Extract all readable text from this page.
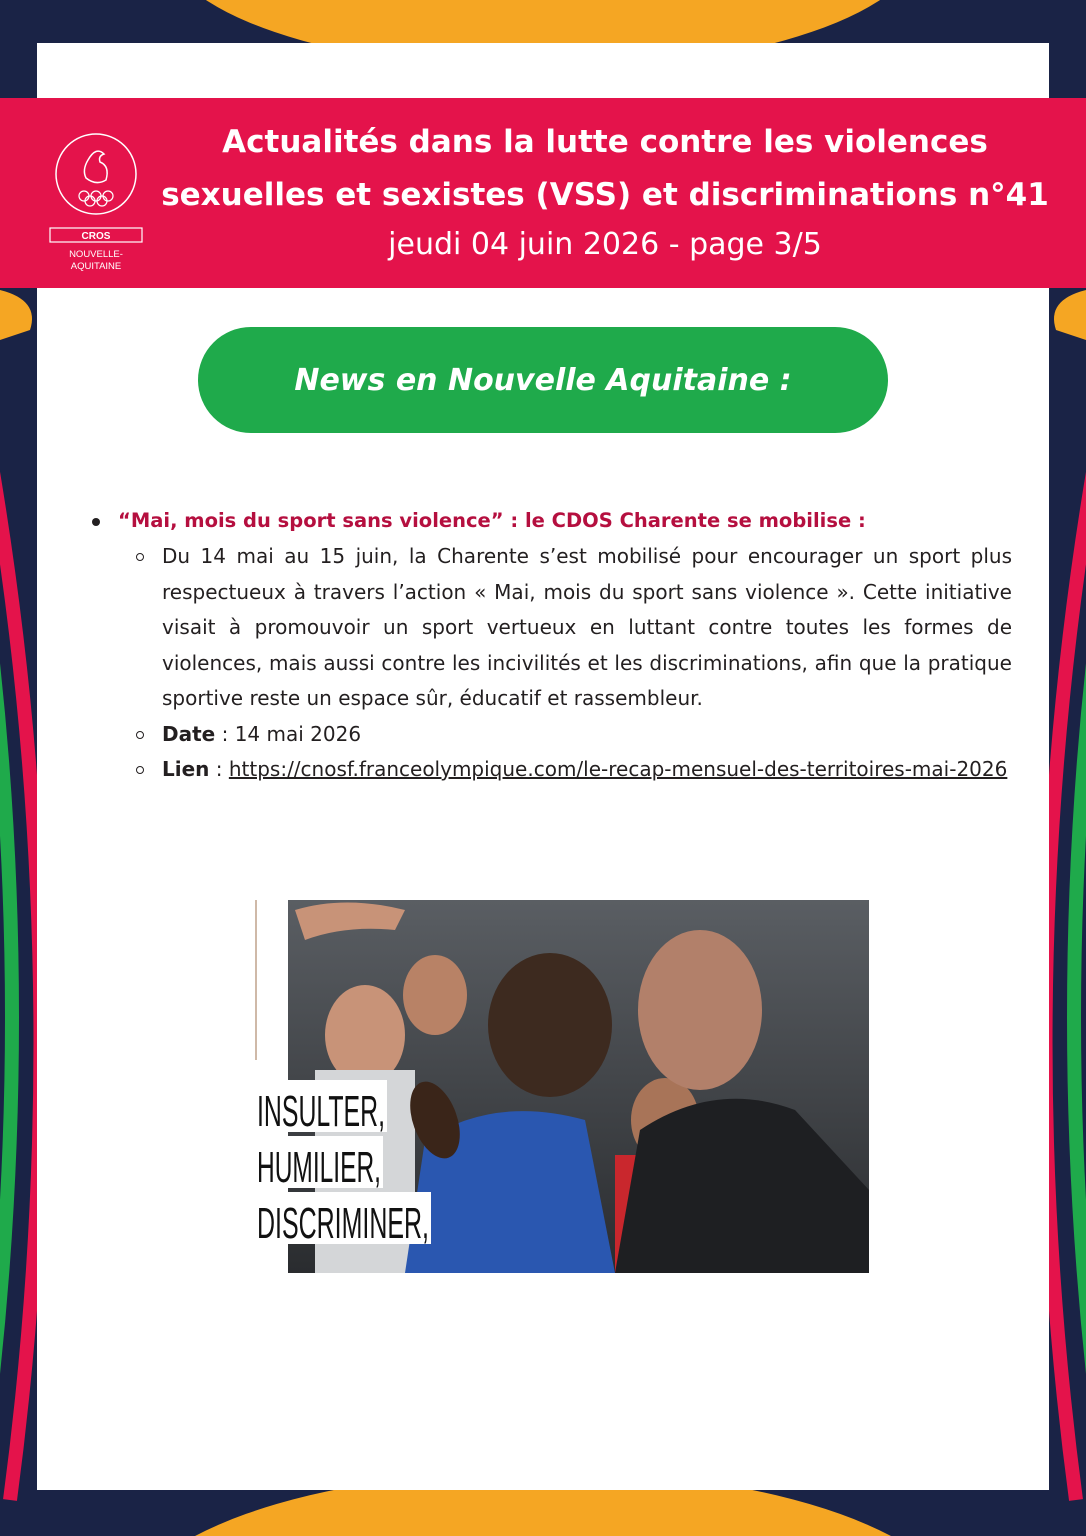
CROS
NOUVELLE-
AQUITAINE
Actualités dans la lutte contre les violences
sexuelles et sexistes (VSS) et discriminations n°41
jeudi 04 juin 2026 - page 3/5
News en Nouvelle Aquitaine :
“Mai, mois du sport sans violence” : le CDOS Charente se mobilise :
Du 14 mai au 15 juin, la Charente s’est mobilisé pour encourager un sport plus respectueux à travers l’action « Mai, mois du sport sans violence ». Cette initiative visait à promouvoir un sport vertueux en luttant contre toutes les formes de violences, mais aussi contre les incivilités et les discriminations, afin que la pratique sportive reste un espace sûr, éducatif et rassembleur.
Date : 14 mai 2026
Lien : https://cnosf.franceolympique.com/le-recap-mensuel-des-territoires-mai-2026
INSULTER,
HUMILIER,
DISCRIMINER,
